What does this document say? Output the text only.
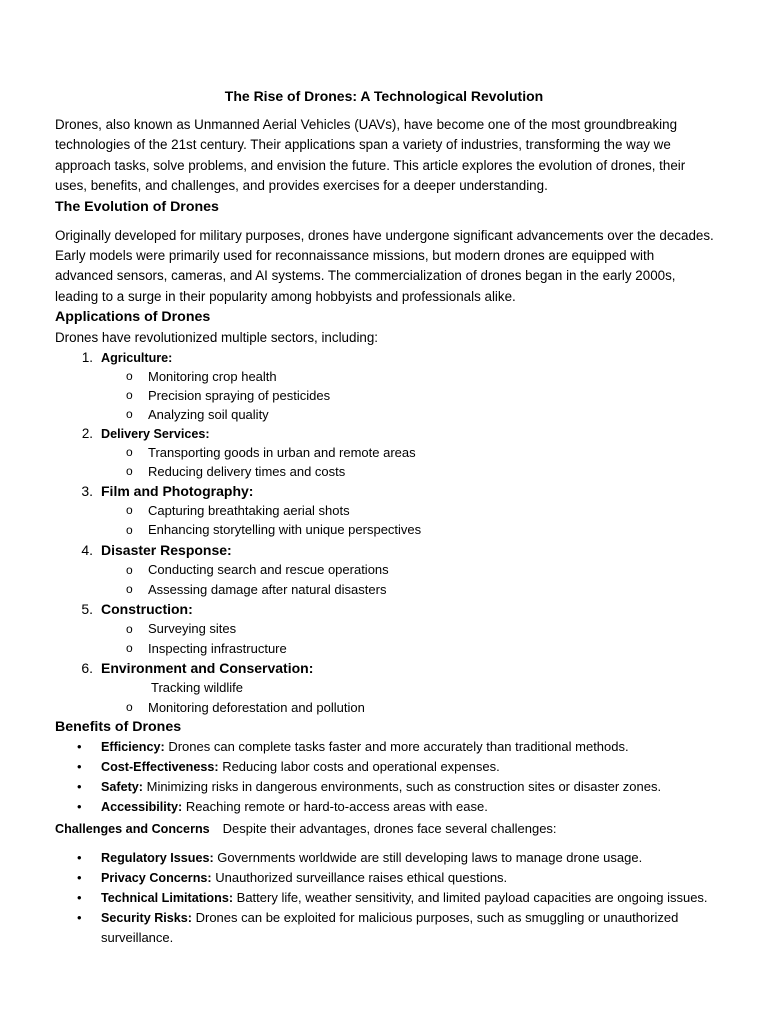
The Rise of Drones: A Technological Revolution

Drones, also known as Unmanned Aerial Vehicles (UAVs), have become one of the most groundbreaking technologies of the 21st century. Their applications span a variety of industries, transforming the way we approach tasks, solve problems, and envision the future. This article explores the evolution of drones, their uses, benefits, and challenges, and provides exercises for a deeper understanding.

The Evolution of Drones

Originally developed for military purposes, drones have undergone significant advancements over the decades. Early models were primarily used for reconnaissance missions, but modern drones are equipped with advanced sensors, cameras, and AI systems. The commercialization of drones began in the early 2000s, leading to a surge in their popularity among hobbyists and professionals alike.

Applications of Drones

Drones have revolutionized multiple sectors, including:

1. Agriculture:
o Monitoring crop health
o Precision spraying of pesticides
o Analyzing soil quality
2. Delivery Services:
o Transporting goods in urban and remote areas
o Reducing delivery times and costs
3. Film and Photography:
o Capturing breathtaking aerial shots
o Enhancing storytelling with unique perspectives
4. Disaster Response:
o Conducting search and rescue operations
o Assessing damage after natural disasters
5. Construction:
o Surveying sites
o Inspecting infrastructure
6. Environment and Conservation:
Tracking wildlife
o Monitoring deforestation and pollution
Benefits of Drones
• Efficiency: Drones can complete tasks faster and more accurately than traditional methods.
• Cost-Effectiveness: Reducing labor costs and operational expenses.
• Safety: Minimizing risks in dangerous environments, such as construction sites or disaster zones.
• Accessibility: Reaching remote or hard-to-access areas with ease.

Challenges and Concerns Despite their advantages, drones face several challenges:

• Regulatory Issues: Governments worldwide are still developing laws to manage drone usage.
• Privacy Concerns: Unauthorized surveillance raises ethical questions.
• Technical Limitations: Battery life, weather sensitivity, and limited payload capacities are ongoing issues.
• Security Risks: Drones can be exploited for malicious purposes, such as smuggling or unauthorized surveillance.
